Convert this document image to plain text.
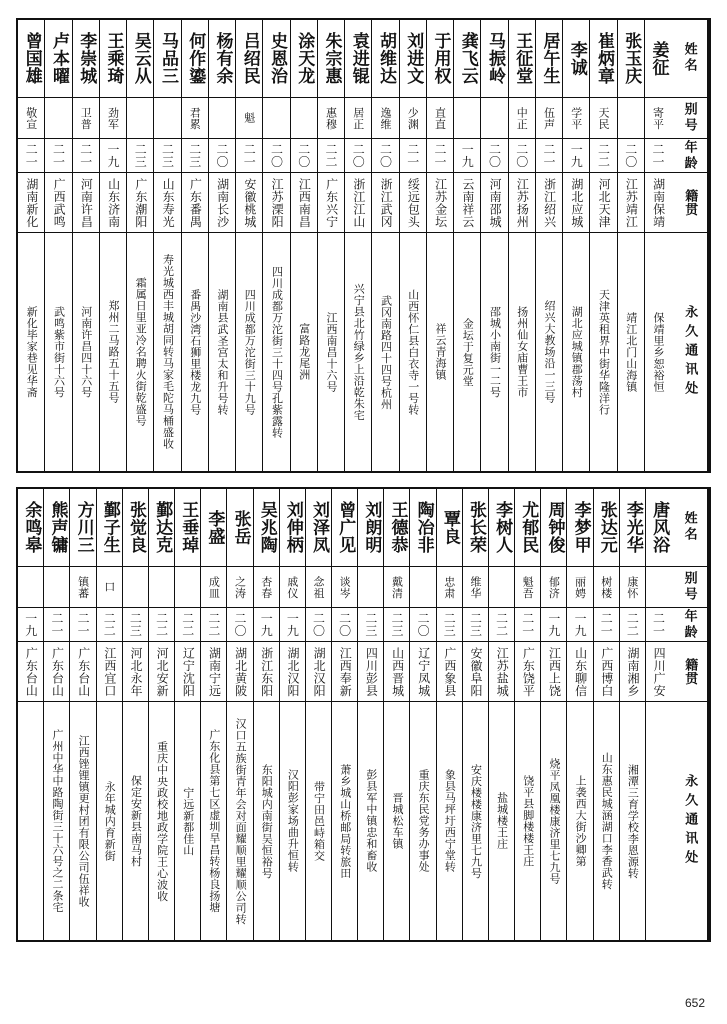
姓名
别号
年龄
籍贯
永久通讯处
姜征
寄平
二一
湖南保靖
保靖里乡恕裕恒
张玉庆
二〇
江苏靖江
靖江北门山海镇
崔炳章
天民
二二
河北天津
天津英租界中街华隆洋行
李诚
学平
一九
湖北应城
湖北应城镇郡荡村
居午生
伍声
二一
浙江绍兴
绍兴大教场沿一三号
王征堂
中正
二〇
江苏扬州
扬州仙女庙曹王市
马振岭
二〇
河南邵城
邵城小南街一二号
龚飞云
一九
云南祥云
金坛于复元堂
于用权
直直
二一
江苏金坛
祥云青海镇
刘进文
少渊
二一
绥远包头
山西怀仁县白衣寺一号转
胡维达
逸维
二〇
浙江武冈
武冈南路四十四号杭州
袁进锟
居正
二〇
浙江江山
兴宁县北竹绿乡上沿乾朱宅
朱宗惠
惠穆
二二
广东兴宁
江西南昌十六号
涂天龙
二〇
江西南昌
富路龙尾洲
史恩治
二〇
江苏溧阳
四川成都万沱街三十四号孔紫露转
吕绍民
魁
二一
安徽桃城
四川成都万沱街三十九号
杨有余
二〇
湖南长沙
湖南县武圣宫太和升号转
何作鎏
君累
二三
广东番禺
番禺沙湾石狮里楼龙九号
马品三
二三
山东寿光
寿光城西丰城胡同转马家毛陀马桶盛收
吴云从
二三
广东潮阳
霜属日里亚冷名聘火街乾盛号
王乘琦
劲军
一九
山东济南
郑州二马路五十五号
李崇城
卫普
二一
河南许昌
河南许昌四十六号
卢本曜
二一
广西武鸣
武鸣紫市街十六号
曾国雄
敬宣
二一
湖南新化
新化毕家巷见华斋
姓名
别号
年龄
籍贯
永久通讯处
唐风浴
二一
四川广安
李光华
康怀
二二
湖南湘乡
湘潭三育学校李恩源转
张达元
树楼
二一
广西博白
山东惠民城涵湖口李香武转
李梦甲
丽娉
一九
山东聊信
上袭西大街沙卿第
周钟俊
郁济
一九
江西上饶
烧平凤凰楼康济里七九号
尤郁民
魁吾
二一
广东饶平
饶平县脚楼楼王庄
李树人
二二
江苏盐城
盐城楼王庄
张长荣
维华
二三
安徽阜阳
安庆楼楼康济里七九号
覃良
忠肃
二三
广西象县
象县马坪圩西宁堂转
陶冶非
二〇
辽宁凤城
重庆东民党务办事处
王德恭
戴清
二三
山西晋城
晋城松车镇
刘朗明
二三
四川彭县
彭县军中镇忠和畜收
曾广见
谈岑
二〇
江西奉新
萧乡城山桥邮局转旅田
刘泽凤
念祖
二〇
湖北汉阳
带宁田邑峙箱交
刘伸柄
戚仪
一九
湖北汉阳
汉阳彭家场曲升恒转
吴兆陶
杏春
一九
浙江东阳
东阳城内南街吴恒裕号
张岳
之涛
二〇
湖北黄陂
汉口五族街青年会对面耀顺里耀顺公司转
李盛
成皿
二二
湖南宁远
广东化县第七区虚圳旱昌转杨良扬塘
王垂琸
二二
辽宁沈阳
宁远新都佳山
鄞达克
二二
河北安新
重庆中央政校地政学院王心波收
张觉良
二三
河北永年
保定安新县南马村
鄞子生
口
二二
江西宜口
永年城内育新街
方川三
镇蕃
二一
广东台山
江西锉锂镇更村团有限公司伍祥收
熊声镛
二一
广东台山
广州中华中路陶街三十六号之二条宅
余鸣皋
一九
广东台山
652
